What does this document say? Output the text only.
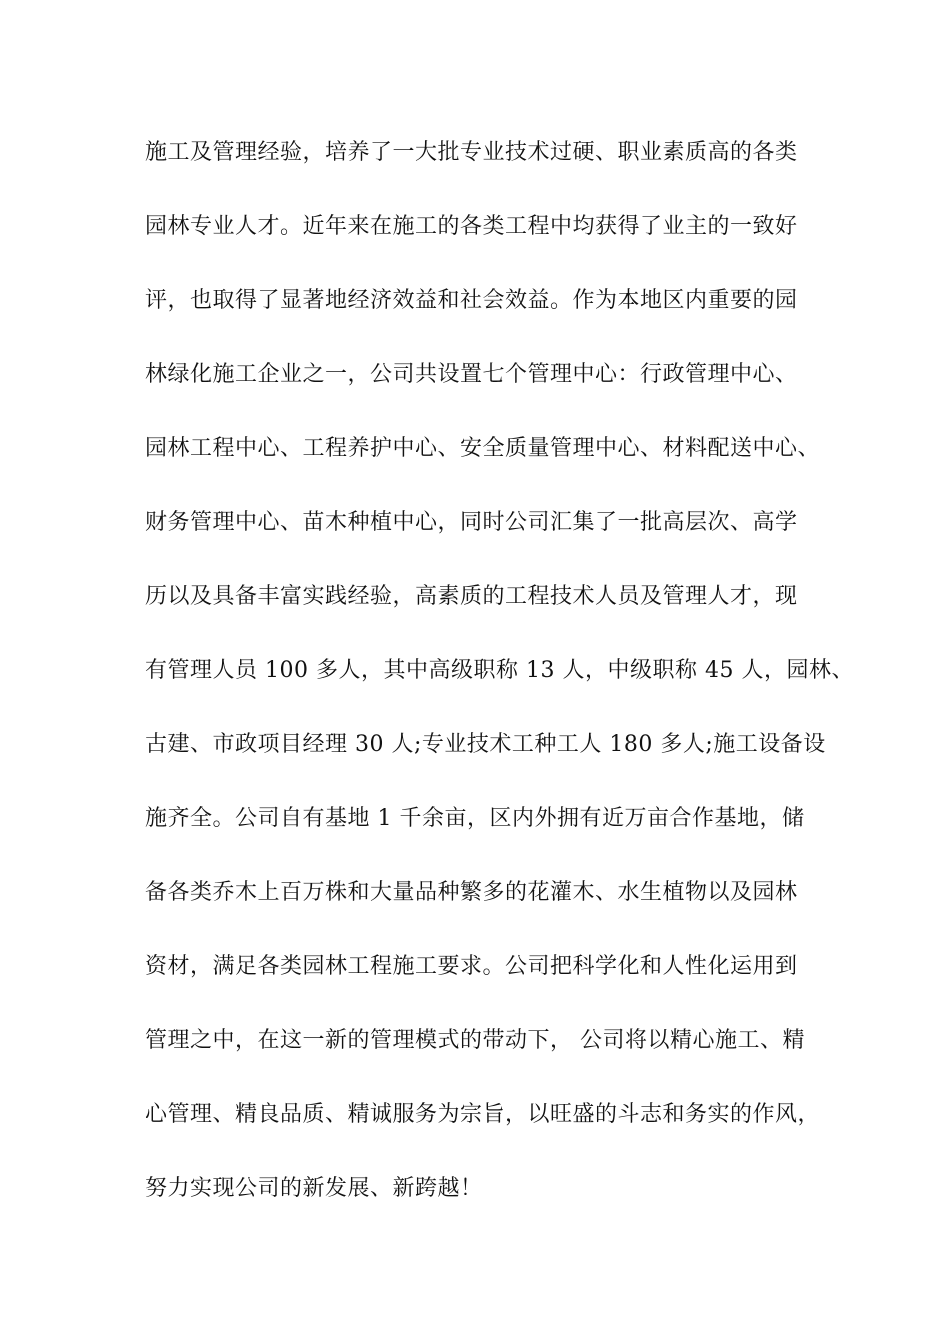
施工及管理经验，培养了一大批专业技术过硬、职业素质高的各类
园林专业人才。近年来在施工的各类工程中均获得了业主的一致好
评，也取得了显著地经济效益和社会效益。作为本地区内重要的园
林绿化施工企业之一，公司共设置七个管理中心：行政管理中心、
园林工程中心、工程养护中心、安全质量管理中心、材料配送中心、
财务管理中心、苗木种植中心，同时公司汇集了一批高层次、高学
历以及具备丰富实践经验，高素质的工程技术人员及管理人才，现
有管理人员 100 多人，其中高级职称 13 人，中级职称 45 人，园林、
古建、市政项目经理 30 人;专业技术工种工人 180 多人;施工设备设
施齐全。公司自有基地 1 千余亩，区内外拥有近万亩合作基地，储
备各类乔木上百万株和大量品种繁多的花灌木、水生植物以及园林
资材，满足各类园林工程施工要求。公司把科学化和人性化运用到
管理之中，在这一新的管理模式的带动下， 公司将以精心施工、精
心管理、精良品质、精诚服务为宗旨，以旺盛的斗志和务实的作风，
努力实现公司的新发展、新跨越！
